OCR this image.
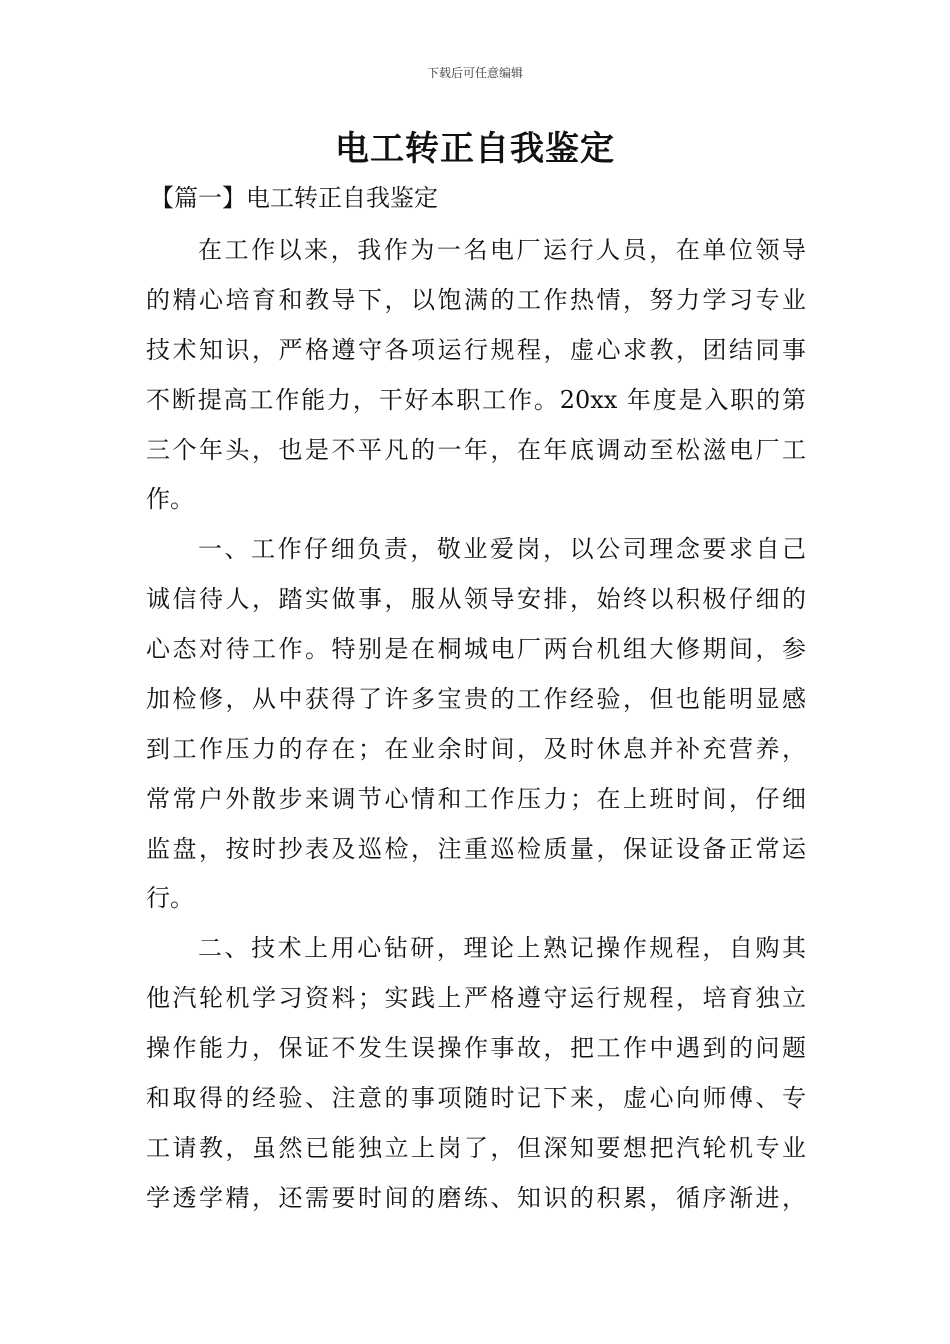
下载后可任意编辑
电工转正自我鉴定
【篇一】电工转正自我鉴定
在工作以来，我作为一名电厂运行人员，在单位领导
的精心培育和教导下，以饱满的工作热情，努力学习专业
技术知识，严格遵守各项运行规程，虚心求教，团结同事
不断提高工作能力，干好本职工作。20xx 年度是入职的第
三个年头，也是不平凡的一年，在年底调动至松滋电厂工
作。
一、工作仔细负责，敬业爱岗，以公司理念要求自己
诚信待人，踏实做事，服从领导安排，始终以积极仔细的
心态对待工作。特别是在桐城电厂两台机组大修期间，参
加检修，从中获得了许多宝贵的工作经验，但也能明显感
到工作压力的存在；在业余时间，及时休息并补充营养，
常常户外散步来调节心情和工作压力；在上班时间，仔细
监盘，按时抄表及巡检，注重巡检质量，保证设备正常运
行。
二、技术上用心钻研，理论上熟记操作规程，自购其
他汽轮机学习资料；实践上严格遵守运行规程，培育独立
操作能力，保证不发生误操作事故，把工作中遇到的问题
和取得的经验、注意的事项随时记下来，虚心向师傅、专
工请教，虽然已能独立上岗了，但深知要想把汽轮机专业
学透学精，还需要时间的磨练、知识的积累，循序渐进，
